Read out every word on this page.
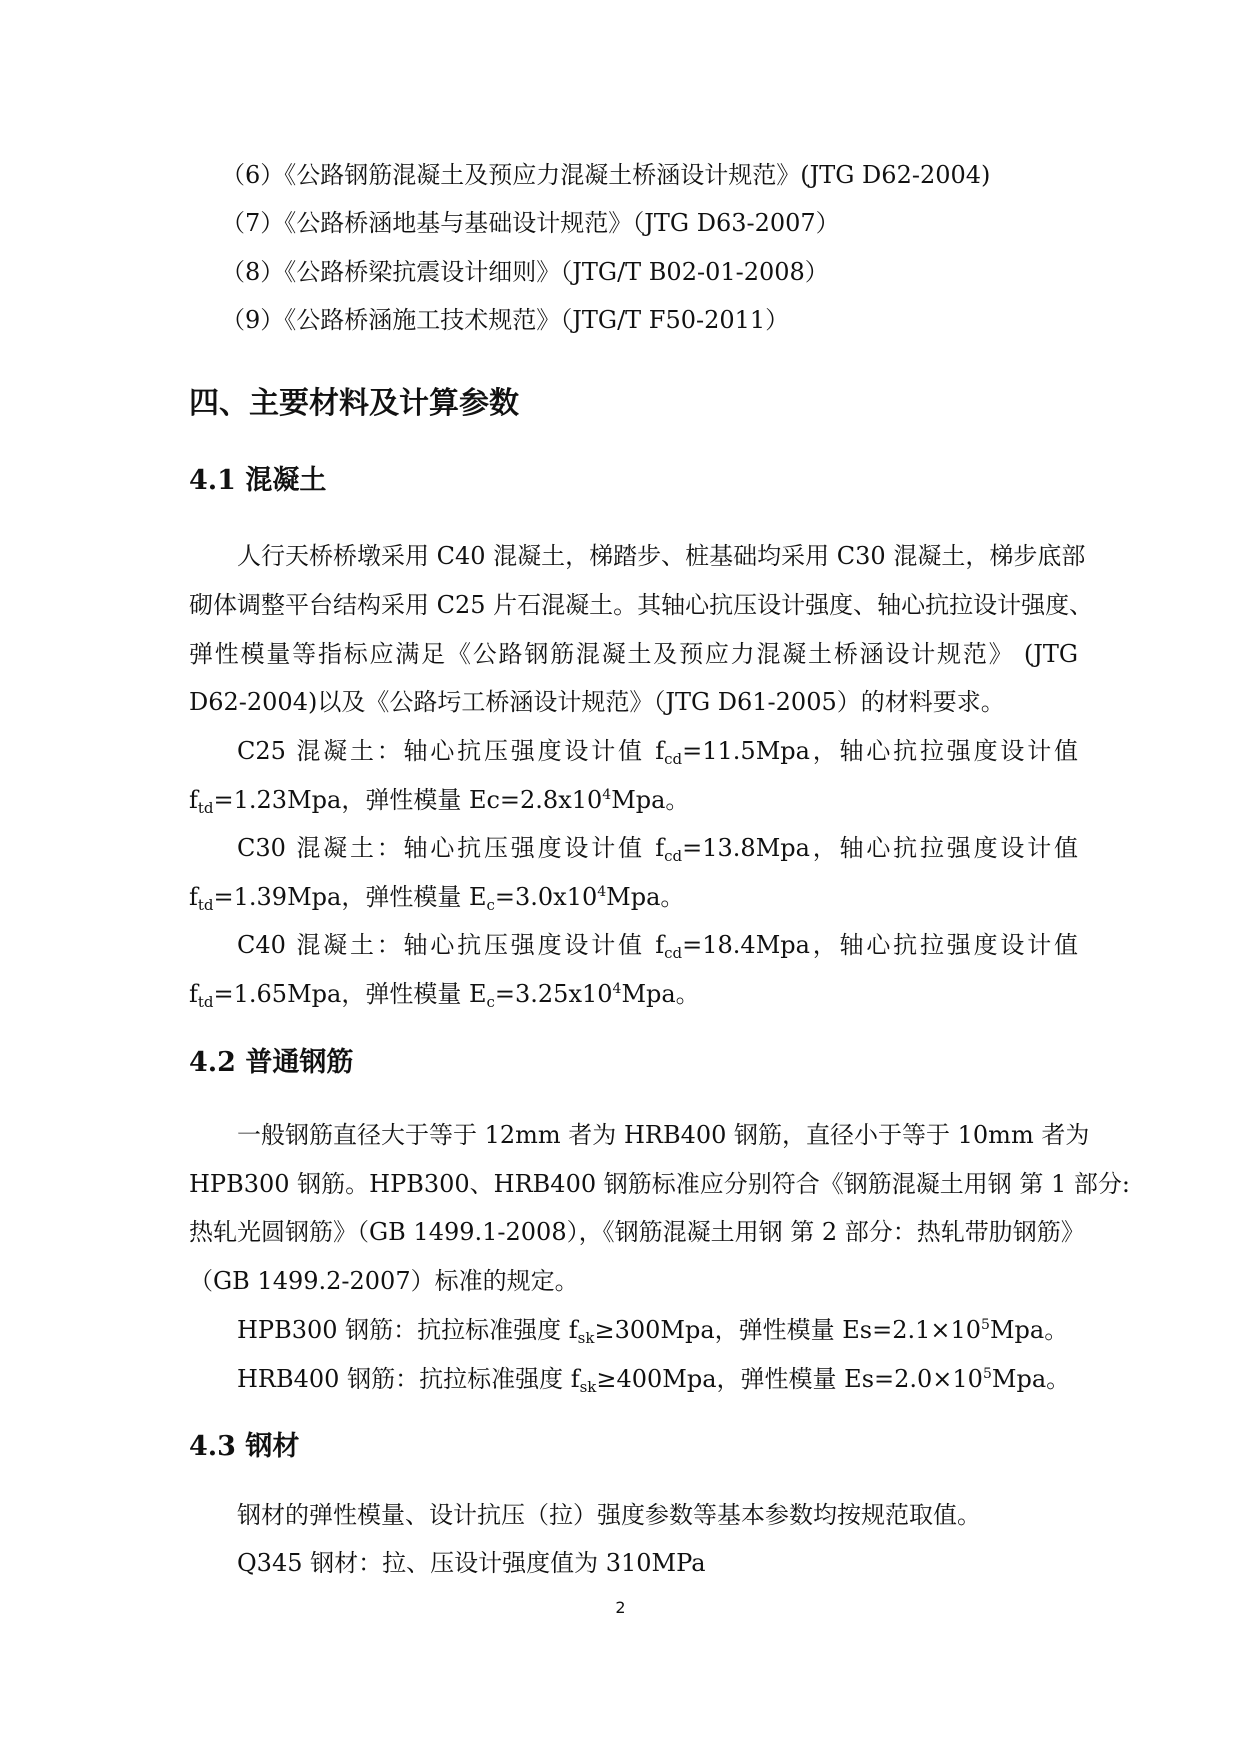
（6）《公路钢筋混凝土及预应力混凝土桥涵设计规范》(JTG D62-2004)
（7）《公路桥涵地基与基础设计规范》（JTG D63-2007）
（8）《公路桥梁抗震设计细则》（JTG/T B02-01-2008）
（9）《公路桥涵施工技术规范》（JTG/T F50-2011）
四、主要材料及计算参数
4.1 混凝土
人行天桥桥墩采用 C40 混凝土，梯踏步、桩基础均采用 C30 混凝土，梯步底部
砌体调整平台结构采用 C25 片石混凝土。其轴心抗压设计强度、轴心抗拉设计强度、
弹性模量等指标应满足《公路钢筋混凝土及预应力混凝土桥涵设计规范》 (JTG
D62-2004)以及《公路圬工桥涵设计规范》（JTG D61-2005）的材料要求。
C25 混凝土：轴心抗压强度设计值 $f_{cd}=11.5Mpa$，轴心抗拉强度设计值
$f_{td}=1.23Mpa$，弹性模量 $Ec=2.8x10^4Mpa$。
C30 混凝土：轴心抗压强度设计值 $f_{cd}=13.8Mpa$，轴心抗拉强度设计值
$f_{td}=1.39Mpa$，弹性模量 $E_c=3.0x10^4Mpa$。
C40 混凝土：轴心抗压强度设计值 $f_{cd}=18.4Mpa$，轴心抗拉强度设计值
$f_{td}=1.65Mpa$，弹性模量 $E_c=3.25x10^4Mpa$。
4.2 普通钢筋
一般钢筋直径大于等于 12mm 者为 HRB400 钢筋，直径小于等于 10mm 者为
HPB300 钢筋。HPB300、HRB400 钢筋标准应分别符合《钢筋混凝土用钢 第 1 部分:
热轧光圆钢筋》（GB 1499.1-2008），《钢筋混凝土用钢 第 2 部分：热轧带肋钢筋》
（GB 1499.2-2007）标准的规定。
HPB300 钢筋：抗拉标准强度 $f_{sk}\ge 300Mpa$，弹性模量 $Es=2.1\times 10^5Mpa$。
HRB400 钢筋：抗拉标准强度 $f_{sk}\ge 400Mpa$，弹性模量 $Es=2.0\times 10^5Mpa$。
4.3 钢材
钢材的弹性模量、设计抗压（拉）强度参数等基本参数均按规范取值。
Q345 钢材：拉、压设计强度值为 310MPa
2
